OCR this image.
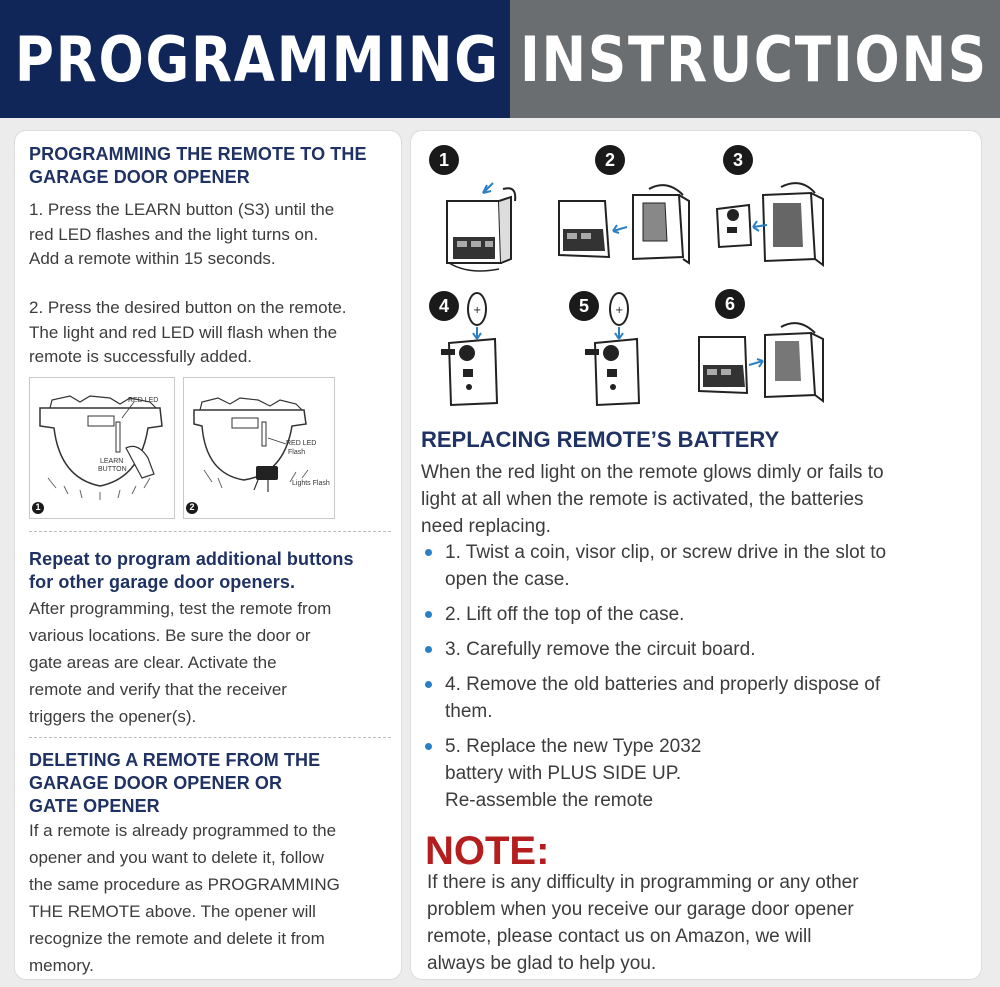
PROGRAMMING INSTRUCTIONS
PROGRAMMING THE REMOTE TO THE
GARAGE DOOR OPENER
1. Press the LEARN button (S3) until the
red LED flashes and the light turns on.
Add a remote within 15 seconds.
2. Press the desired button on the remote.
The light and red LED will flash when the
remote is successfully added.
1
RED LED
LEARN
BUTTON
2
RED LED
Flash
Lights Flash
Repeat to program additional buttons
for other garage door openers.
After programming, test the remote from
various locations. Be sure the door or
gate areas are clear. Activate the
remote and verify that the receiver
triggers the opener(s).
DELETING A REMOTE FROM THE
GARAGE DOOR OPENER OR
GATE OPENER
If a remote is already programmed to the
opener and you want to delete it, follow
the same procedure as PROGRAMMING
THE REMOTE above. The opener will
recognize the remote and delete it from
memory.
1	2	3
4	+	5	+	6
REPLACING REMOTE’S BATTERY
When the red light on the remote glows dimly or fails to
light at all when the remote is activated, the batteries
need replacing.
1. Twist a coin, visor clip, or screw drive in the slot to
open the case.
2. Lift off the top of the case.
3. Carefully remove the circuit board.
4. Remove the old batteries and properly dispose of
them.
5. Replace the new Type 2032
battery with PLUS SIDE UP.
Re-assemble the remote
NOTE:
If there is any difficulty in programming or any other
problem when you receive our garage door opener
remote, please contact us on Amazon, we will
always be glad to help you.
